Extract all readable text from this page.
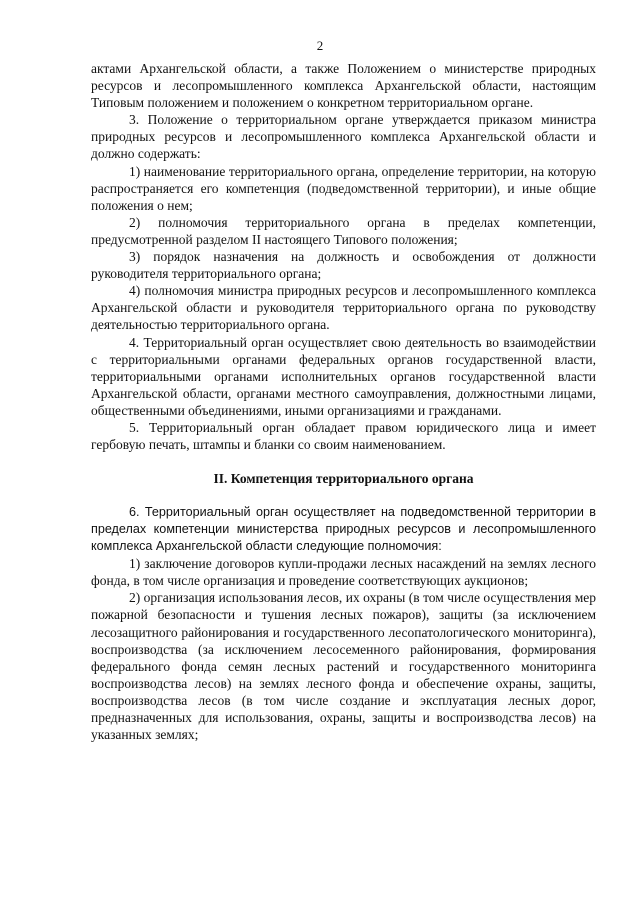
2

актами Архангельской области, а также Положением о министерстве природных ресурсов и лесопромышленного комплекса Архангельской области, настоящим Типовым положением и положением о конкретном территориальном органе.

3. Положение о территориальном органе утверждается приказом министра природных ресурсов и лесопромышленного комплекса Архангельской области и должно содержать:

1) наименование территориального органа, определение территории, на которую распространяется его компетенция (подведомственной территории), и иные общие положения о нем;

2) полномочия территориального органа в пределах компетенции, предусмотренной разделом II настоящего Типового положения;

3) порядок назначения на должность и освобождения от должности руководителя территориального органа;

4) полномочия министра природных ресурсов и лесопромышленного комплекса Архангельской области и руководителя территориального органа по руководству деятельностью территориального органа.

4. Территориальный орган осуществляет свою деятельность во взаимодействии с территориальными органами федеральных органов государственной власти, территориальными органами исполнительных органов государственной власти Архангельской области, органами местного самоуправления, должностными лицами, общественными объединениями, иными организациями и гражданами.

5. Территориальный орган обладает правом юридического лица и имеет гербовую печать, штампы и бланки со своим наименованием.

II. Компетенция территориального органа

6. Территориальный орган осуществляет на подведомственной территории в пределах компетенции министерства природных ресурсов и лесопромышленного комплекса Архангельской области следующие полномочия:

1) заключение договоров купли-продажи лесных насаждений на землях лесного фонда, в том числе организация и проведение соответствующих аукционов;

2) организация использования лесов, их охраны (в том числе осуществления мер пожарной безопасности и тушения лесных пожаров), защиты (за исключением лесозащитного районирования и государственного лесопатологического мониторинга), воспроизводства (за исключением лесосеменного районирования, формирования федерального фонда семян лесных растений и государственного мониторинга воспроизводства лесов) на землях лесного фонда и обеспечение охраны, защиты, воспроизводства лесов (в том числе создание и эксплуатация лесных дорог, предназначенных для использования, охраны, защиты и воспроизводства лесов) на указанных землях;
